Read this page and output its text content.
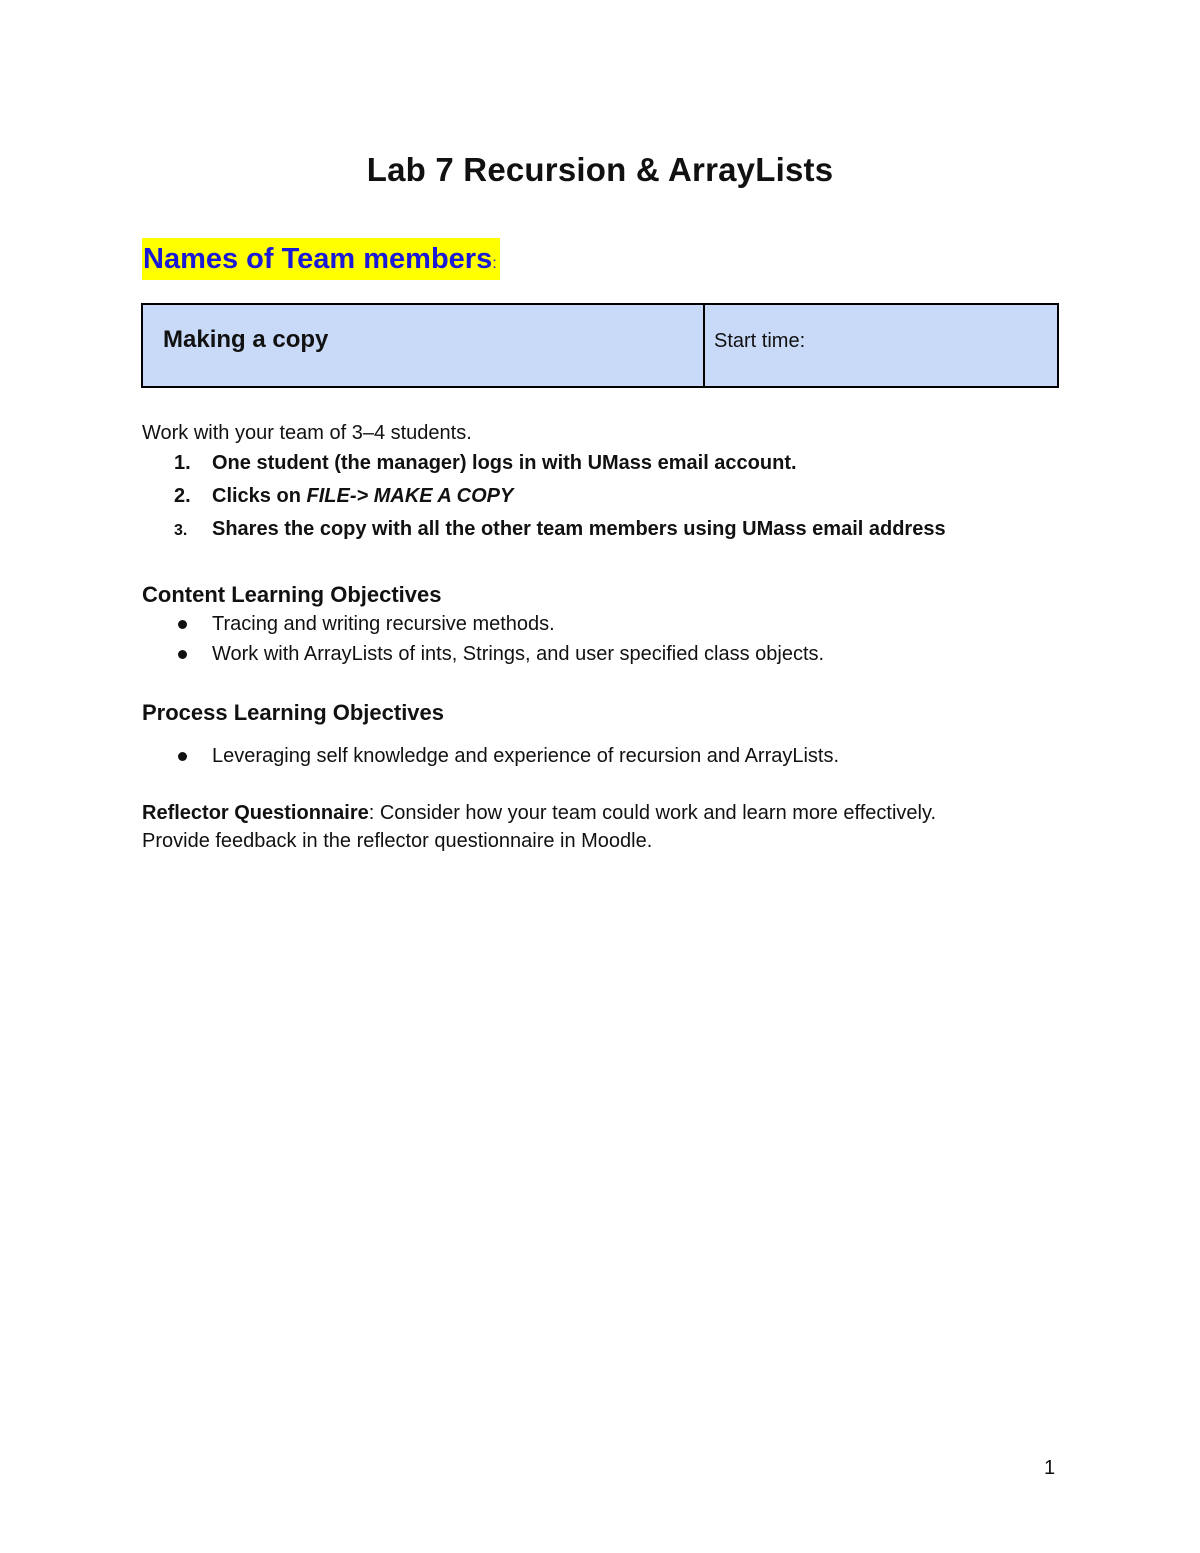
Lab 7 Recursion & ArrayLists
Names of Team members:
Making a copy	Start time:
Work with your team of 3–4 students.
1. One student (the manager) logs in with UMass email account.
2. Clicks on FILE-> MAKE A COPY
3. Shares the copy with all the other team members using UMass email address
Content Learning Objectives
Tracing and writing recursive methods.
Work with ArrayLists of ints, Strings, and user specified class objects.
Process Learning Objectives
Leveraging self knowledge and experience of recursion and ArrayLists.
Reflector Questionnaire: Consider how your team could work and learn more effectively.
Provide feedback in the reflector questionnaire in Moodle.
1
